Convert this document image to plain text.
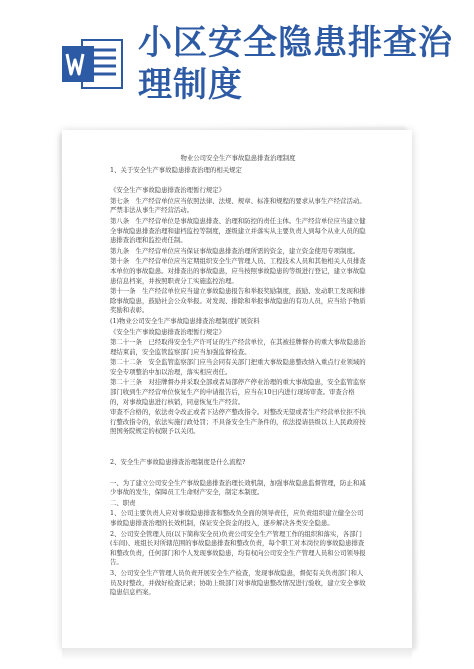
小区安全隐患排查治理制度
物业公司安全生产事故隐患排查治理制度

1、关于安全生产事故隐患排查治理的相关规定

《安全生产事故隐患排查治理暂行规定》

第七条　生产经营单位应当依照法律、法规、规章、标准和规程的要求从事生产经营活动。严禁非法从事生产经营活动。

第八条　生产经营单位是事故隐患排查、治理和防控的责任主体。生产经营单位应当建立健全事故隐患排查治理和建档监控等制度，逐级建立并落实从主要负责人到每个从业人员的隐患排查治理和监控责任制。

第九条　生产经营单位应当保证事故隐患排查治理所需的资金，建立资金使用专项制度。

第十条　生产经营单位应当定期组织安全生产管理人员、工程技术人员和其他相关人员排查本单位的事故隐患。对排查出的事故隐患，应当按照事故隐患的等级进行登记，建立事故隐患信息档案，并按照职责分工实施监控治理。

第十一条　生产经营单位应当建立事故隐患报告和举报奖励制度，鼓励、发动职工发现和排除事故隐患，鼓励社会公众举报。对发现、排除和举报事故隐患的有功人员，应当给予物质奖励和表彰。

(1)物业公司安全生产事故隐患排查治理制度扩展资料

《安全生产事故隐患排查治理暂行规定》

第二十一条　已经取得安全生产许可证的生产经营单位，在其被挂牌督办的重大事故隐患治理结束前，安全监管监察部门应当加强监督检查。

第二十二条　安全监管监察部门应当会同有关部门把重大事故隐患整改纳入重点行业领域的安全专项整治中加以治理，落实相应责任。

第二十三条　对挂牌督办并采取全部或者局部停产停业治理的重大事故隐患，安全监管监察部门收到生产经营单位恢复生产的申请报告后，应当在10日内进行现场审查。审查合格的，对事故隐患进行核销，同意恢复生产经营。

审查不合格的，依法责令改正或者下达停产整改指令。对整改无望或者生产经营单位拒不执行整改指令的，依法实施行政处罚；不具备安全生产条件的，依法提请县级以上人民政府按照国务院规定的权限予以关闭。

2、安全生产事故隐患排查治理制度是什么流程?

一、为了建立公司安全生产事故隐患排查治理长效机制，加强事故隐患监督管理，防止和减少事故的发生，保障员工生命财产安全，制定本制度。

二、职责

1、公司主要负责人应对事故隐患排查和整改负全面的领导责任，应负责组织建立健全公司事故隐患排查治理的长效机制，保证安全资金的投入，逐步解决各类安全隐患。

2、公司安全管理人员(以下简称安全员)负责公司安全生产管理工作的组织和落实，各部门(车间)、班组长对所辖范围的事故隐患排查和整改负责，每个职工对本岗位的事故隐患排查和整改负责，任何部门和个人发现事故隐患，均有权向公司安全生产管理人员和公司领导报告。

3、公司安全生产管理人员负责开展安全生产检查，发现事故隐患，督促有关负责部门和人员及时整改，并做好检查记录；协助上级部门对事故隐患整改情况进行验收，建立安全事故隐患信息档案。
